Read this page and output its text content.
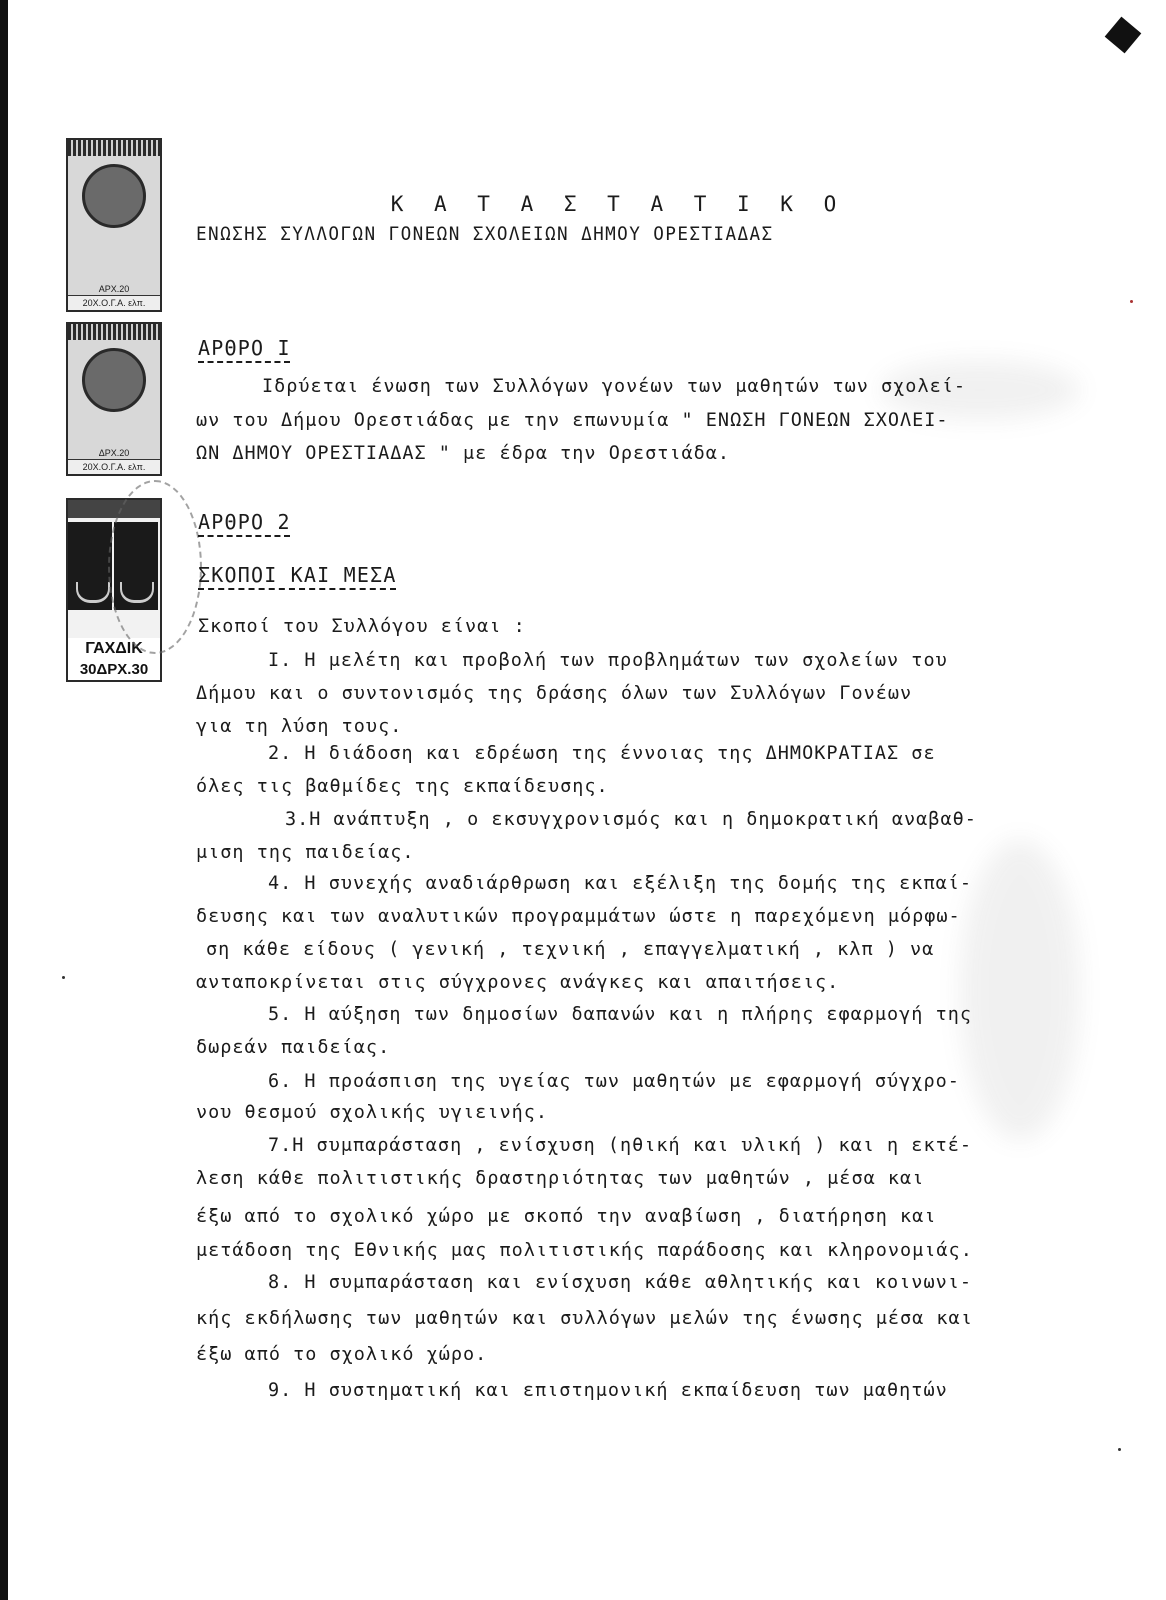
ΑΡΧ.20
20Χ.Ο.Γ.Α. ελπ.
ΔΡΧ.20
20Χ.Ο.Γ.Α. ελπ.
ΓΑΧΔΙΚ
30ΔΡΧ.30
Κ Α Τ Α Σ Τ Α Τ Ι Κ Ο
ΕΝΩΣΗΣ ΣΥΛΛΟΓΩΝ ΓΟΝΕΩΝ ΣΧΟΛΕΙΩΝ ΔΗΜΟΥ ΟΡΕΣΤΙΑΔΑΣ
ΑΡΘΡΟ Ι
Ιδρύεται ένωση των Συλλόγων γονέων των μαθητών των σχολεί-
ων του Δήμου Ορεστιάδας με την επωνυμία " ΕΝΩΣΗ ΓΟΝΕΩΝ ΣΧΟΛΕΙ-
ΩΝ ΔΗΜΟΥ ΟΡΕΣΤΙΑΔΑΣ " με έδρα την Ορεστιάδα.
ΑΡΘΡΟ 2
ΣΚΟΠΟΙ ΚΑΙ ΜΕΣΑ
Σκοποί του Συλλόγου είναι :
Ι. Η μελέτη και προβολή των προβλημάτων των σχολείων του
Δήμου και ο συντονισμός της δράσης όλων των Συλλόγων Γονέων
για τη λύση τους.
2. Η διάδοση και εδρέωση της έννοιας της ΔΗΜΟΚΡΑΤΙΑΣ σε
όλες τις βαθμίδες της εκπαίδευσης.
3.Η ανάπτυξη , ο εκσυγχρονισμός και η δημοκρατική αναβαθ-
μιση της παιδείας.
4. Η συνεχής αναδιάρθρωση και εξέλιξη της δομής της εκπαί-
δευσης και των αναλυτικών προγραμμάτων ώστε η παρεχόμενη μόρφω-
ση κάθε είδους ( γενική , τεχνική , επαγγελματική , κλπ ) να
ανταποκρίνεται στις σύγχρονες ανάγκες και απαιτήσεις.
5. Η αύξηση των δημοσίων δαπανών και η πλήρης εφαρμογή της
δωρεάν παιδείας.
6. Η προάσπιση της υγείας των μαθητών με εφαρμογή σύγχρο-
νου θεσμού σχολικής υγιεινής.
7.Η συμπαράσταση , ενίσχυση (ηθική και υλική ) και η εκτέ-
λεση κάθε πολιτιστικής δραστηριότητας των μαθητών , μέσα και
έξω από το σχολικό χώρο με σκοπό την αναβίωση , διατήρηση και
μετάδοση της Εθνικής μας πολιτιστικής παράδοσης και κληρονομιάς.
8. Η συμπαράσταση και ενίσχυση κάθε αθλητικής και κοινωνι-
κής εκδήλωσης των μαθητών και συλλόγων μελών της ένωσης μέσα και
έξω από το σχολικό χώρο.
9. Η συστηματική και επιστημονική εκπαίδευση των μαθητών
